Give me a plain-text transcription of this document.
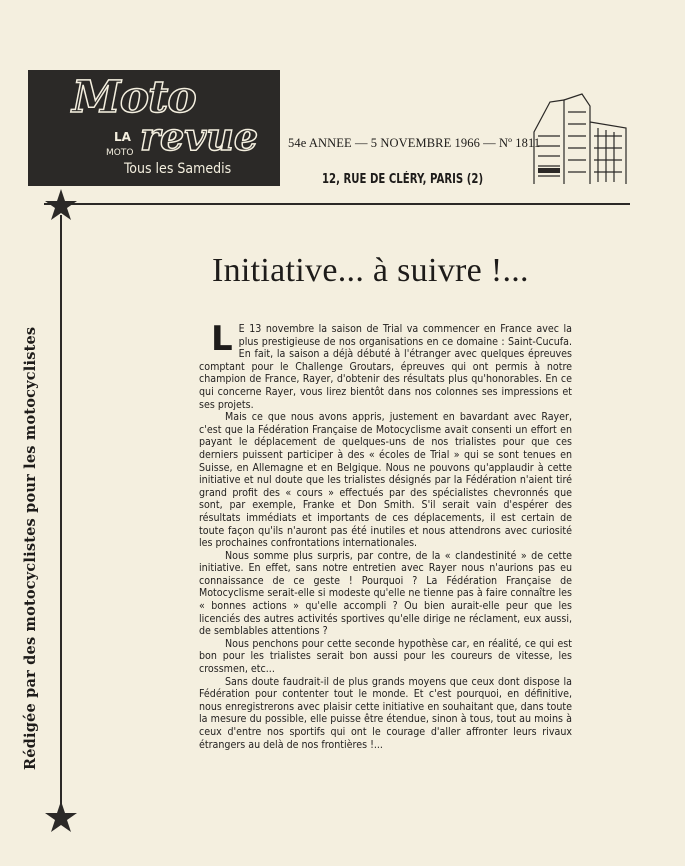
Moto
LA
MOTO revue
Tous les Samedis
54e ANNEE — 5 NOVEMBRE 1966 — Nº 1811
12, RUE DE CLÉRY, PARIS (2)
Rédigée par des motocyclistes pour les motocyclistes
Initiative... à suivre !...

L E 13 novembre la saison de Trial va commencer en France avec la plus prestigieuse de nos organisations en ce domaine : Saint-Cucufa. En fait, la saison a déjà débuté à l'étranger avec quelques épreuves comptant pour le Challenge Groutars, épreuves qui ont permis à notre champion de France, Rayer, d'obtenir des résultats plus qu'honorables. En ce qui concerne Rayer, vous lirez bientôt dans nos colonnes ses impressions et ses projets.

Mais ce que nous avons appris, justement en bavardant avec Rayer, c'est que la Fédération Française de Motocyclisme avait consenti un effort en payant le déplacement de quelques-uns de nos trialistes pour que ces derniers puissent participer à des « écoles de Trial » qui se sont tenues en Suisse, en Allemagne et en Belgique. Nous ne pouvons qu'applaudir à cette initiative et nul doute que les trialistes désignés par la Fédération n'aient tiré grand profit des « cours » effectués par des spécialistes chevronnés que sont, par exemple, Franke et Don Smith. S'il serait vain d'espérer des résultats immédiats et importants de ces déplacements, il est certain de toute façon qu'ils n'auront pas été inutiles et nous attendrons avec curiosité les prochaines confrontations internationales.

Nous somme plus surpris, par contre, de la « clandestinité » de cette initiative. En effet, sans notre entretien avec Rayer nous n'aurions pas eu connaissance de ce geste ! Pourquoi ? La Fédération Française de Motocyclisme serait-elle si modeste qu'elle ne tienne pas à faire connaître les « bonnes actions » qu'elle accompli ? Ou bien aurait-elle peur que les licenciés des autres activités sportives qu'elle dirige ne réclament, eux aussi, de semblables attentions ?

Nous penchons pour cette seconde hypothèse car, en réalité, ce qui est bon pour les trialistes serait bon aussi pour les coureurs de vitesse, les crossmen, etc...

Sans doute faudrait-il de plus grands moyens que ceux dont dispose la Fédération pour contenter tout le monde. Et c'est pourquoi, en définitive, nous enregistrerons avec plaisir cette initiative en souhaitant que, dans toute la mesure du possible, elle puisse être étendue, sinon à tous, tout au moins à ceux d'entre nos sportifs qui ont le courage d'aller affronter leurs rivaux étrangers au delà de nos frontières !...
